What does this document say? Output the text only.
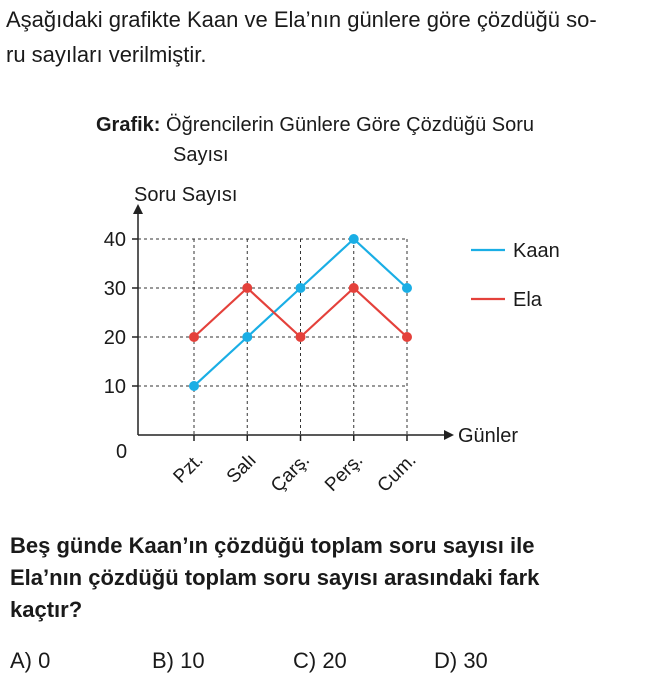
Aşağıdaki grafikte Kaan ve Ela’nın günlere göre çözdüğü so-
ru sayıları verilmiştir.
Grafik: Öğrencilerin Günlere Göre Çözdüğü Soru
Sayısı
Soru Sayısı
Günler
0
10
20
30
40
Pzt. Salı Çarş. Perş. Cum.
Kaan
Ela
Beş günde Kaan’ın çözdüğü toplam soru sayısı ile
Ela’nın çözdüğü toplam soru sayısı arasındaki fark
kaçtır?
A) 0	B) 10	C) 20	D) 30
